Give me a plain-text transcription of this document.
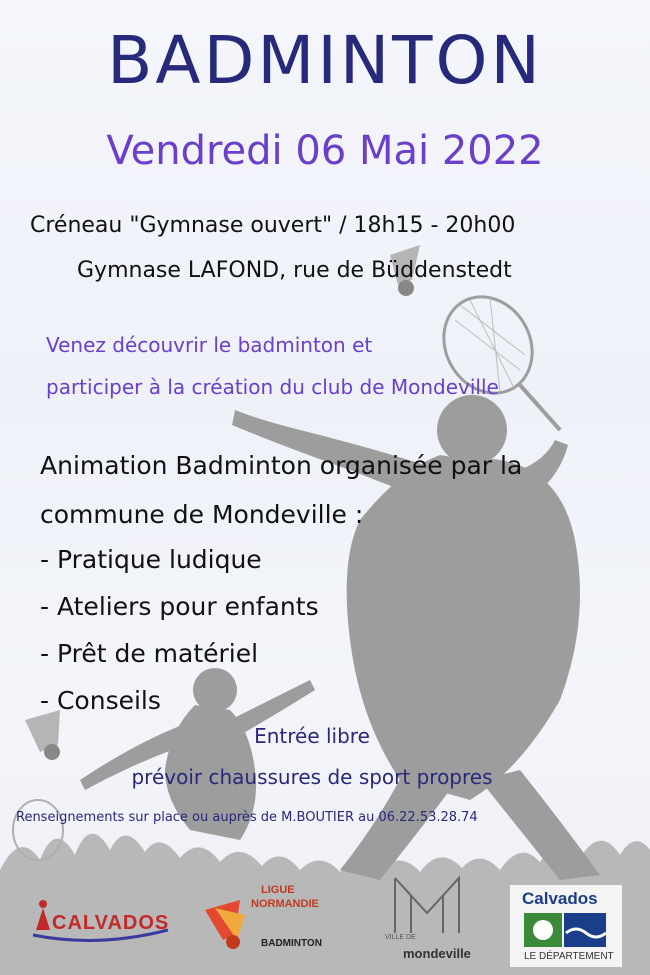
BADMINTON
Vendredi 06 Mai 2022
Créneau "Gymnase ouvert" / 18h15 - 20h00
Gymnase LAFOND, rue de Büddenstedt
Venez découvrir le badminton et
participer à la création du club de Mondeville
Animation Badminton organisée par la
commune de Mondeville :
- Pratique ludique
- Ateliers pour enfants
- Prêt de matériel
- Conseils
Entrée libre
prévoir chaussures de sport propres
Renseignements sur place ou auprès de M.BOUTIER au 06.22.53.28.74
CALVADOS
LIGUE
NORMANDIE
BADMINTON
VILLE DE
mondeville
Calvados
LE DÉPARTEMENT
